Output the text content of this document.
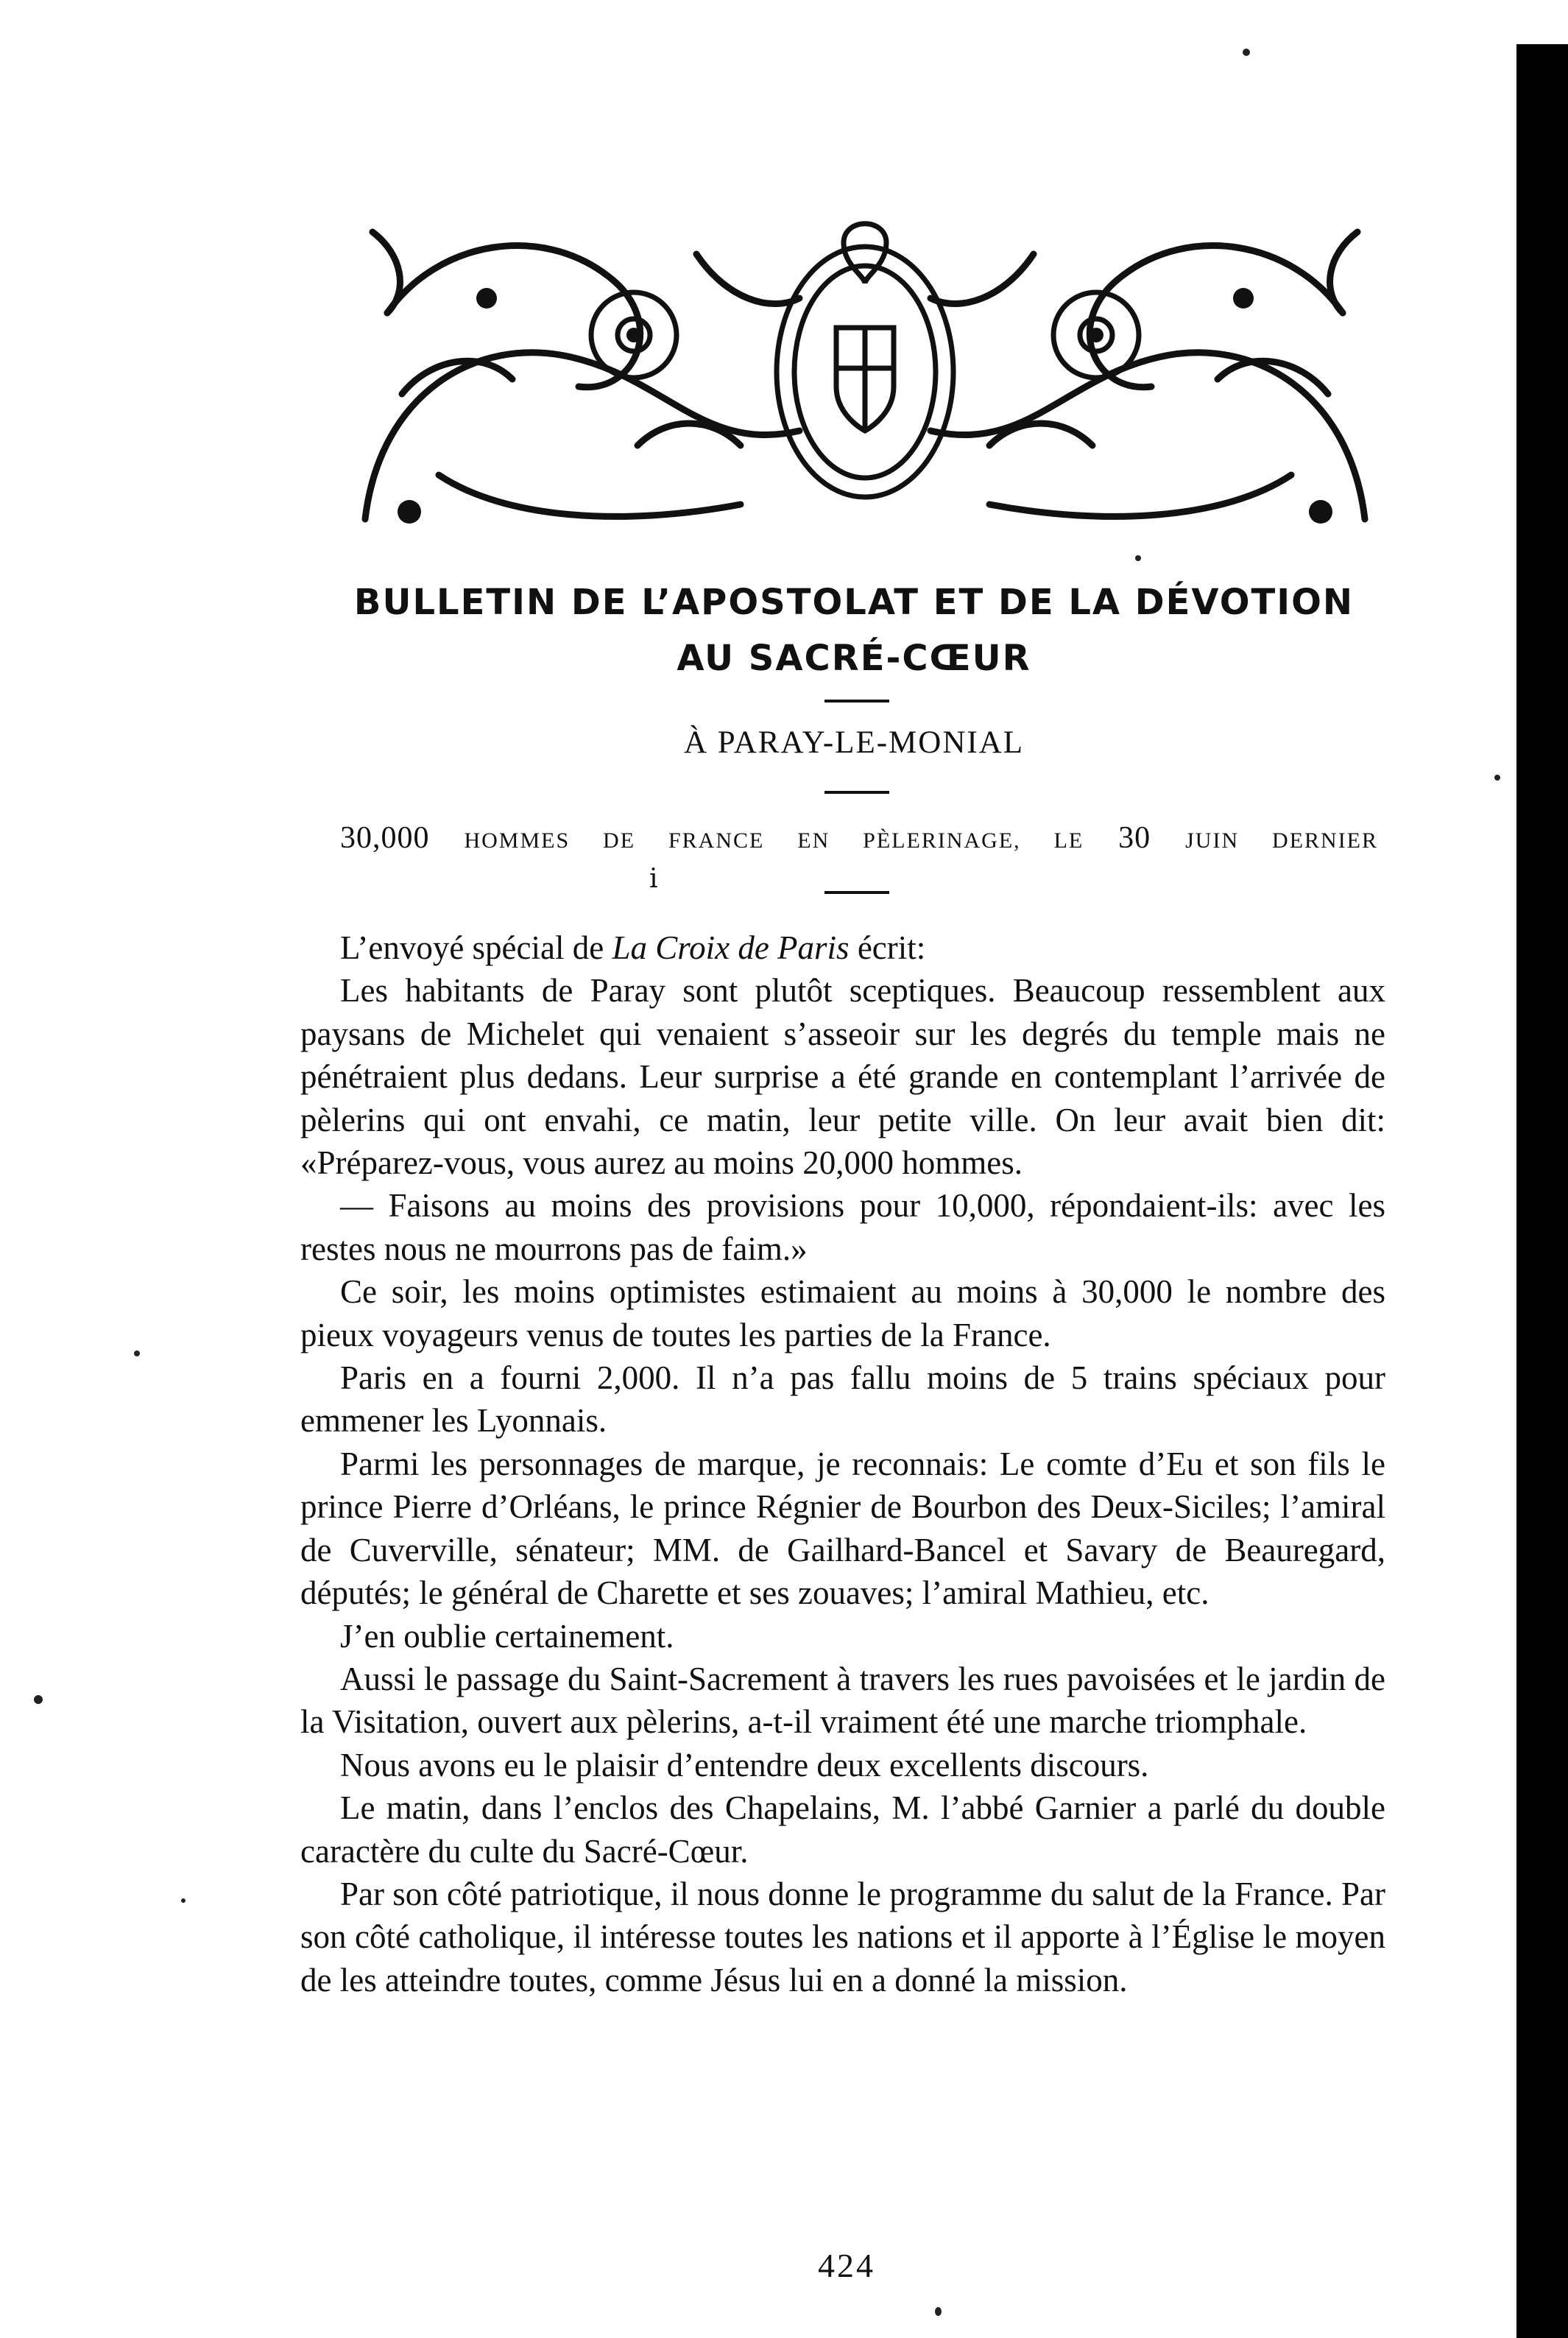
BULLETIN DE L’APOSTOLAT ET DE LA DÉVOTION
AU SACRÉ-CŒUR
À PARAY-LE-MONIAL
30,000 HOMMES DE FRANCE EN PÈLERINAGE, LE 30 JUIN DERNIER
ⅰ

L’envoyé spécial de La Croix de Paris écrit:

Les habitants de Paray sont plutôt sceptiques. Beaucoup ressemblent aux paysans de Michelet qui venaient s’asseoir sur les degrés du temple mais ne pénétraient plus dedans. Leur surprise a été grande en contemplant l’arrivée de pèlerins qui ont envahi, ce matin, leur petite ville. On leur avait bien dit: «Préparez-vous, vous aurez au moins 20,000 hommes.

— Faisons au moins des provisions pour 10,000, répondaient-ils: avec les restes nous ne mourrons pas de faim.»

Ce soir, les moins optimistes estimaient au moins à 30,000 le nombre des pieux voyageurs venus de toutes les parties de la France.

Paris en a fourni 2,000. Il n’a pas fallu moins de 5 trains spéciaux pour emmener les Lyonnais.

Parmi les personnages de marque, je reconnais: Le comte d’Eu et son fils le prince Pierre d’Orléans, le prince Régnier de Bourbon des Deux-Siciles; l’amiral de Cuverville, sénateur; MM. de Gailhard-Bancel et Savary de Beauregard, députés; le général de Charette et ses zouaves; l’amiral Mathieu, etc.

J’en oublie certainement.

Aussi le passage du Saint-Sacrement à travers les rues pavoisées et le jardin de la Visitation, ouvert aux pèlerins, a-t-il vraiment été une marche triomphale.

Nous avons eu le plaisir d’entendre deux excellents discours.

Le matin, dans l’enclos des Chapelains, M. l’abbé Garnier a parlé du double caractère du culte du Sacré-Cœur.

Par son côté patriotique, il nous donne le programme du salut de la France. Par son côté catholique, il intéresse toutes les nations et il apporte à l’Église le moyen de les atteindre toutes, comme Jésus lui en a donné la mission.

424
